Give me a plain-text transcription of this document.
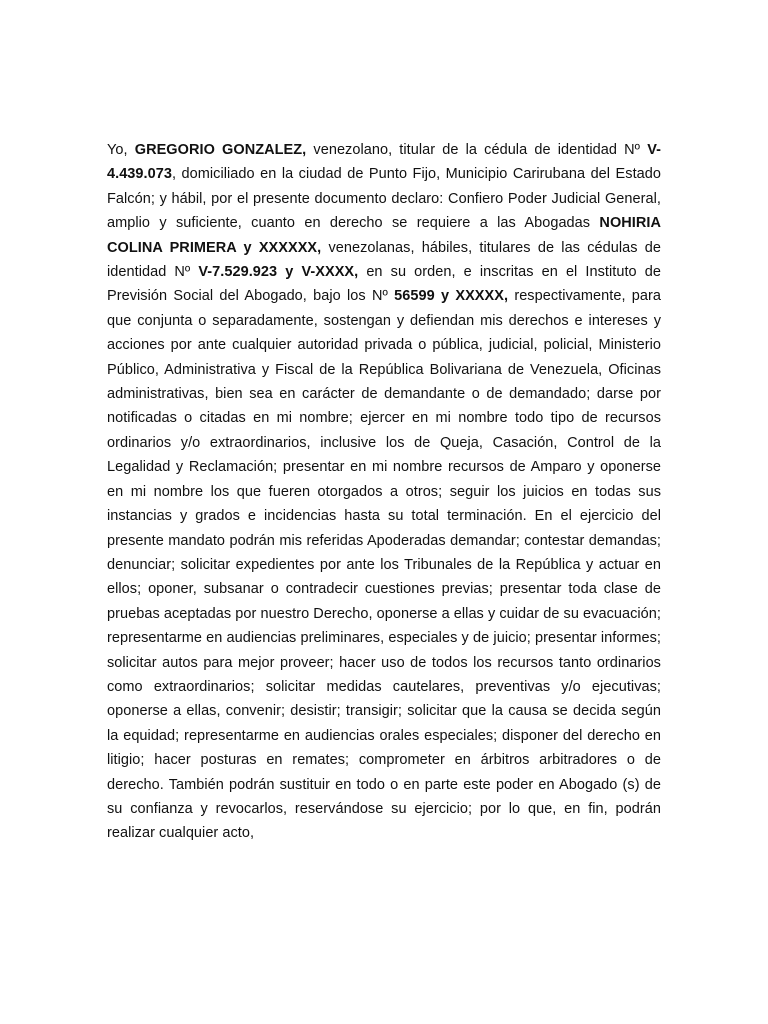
Yo, GREGORIO GONZALEZ, venezolano, titular de la cédula de identidad Nº V-4.439.073, domiciliado en la ciudad de Punto Fijo, Municipio Carirubana del Estado Falcón; y hábil, por el presente documento declaro: Confiero Poder Judicial General, amplio y suficiente, cuanto en derecho se requiere a las Abogadas NOHIRIA COLINA PRIMERA y XXXXXX, venezolanas, hábiles, titulares de las cédulas de identidad Nº V-7.529.923 y V-XXXX, en su orden, e inscritas en el Instituto de Previsión Social del Abogado, bajo los Nº 56599 y XXXXX, respectivamente, para que conjunta o separadamente, sostengan y defiendan mis derechos e intereses y acciones por ante cualquier autoridad privada o pública, judicial, policial, Ministerio Público, Administrativa y Fiscal de la República Bolivariana de Venezuela, Oficinas administrativas, bien sea en carácter de demandante o de demandado; darse por notificadas o citadas en mi nombre; ejercer en mi nombre todo tipo de recursos ordinarios y/o extraordinarios, inclusive los de Queja, Casación, Control de la Legalidad y Reclamación; presentar en mi nombre recursos de Amparo y oponerse en mi nombre los que fueren otorgados a otros; seguir los juicios en todas sus instancias y grados e incidencias hasta su total terminación. En el ejercicio del presente mandato podrán mis referidas Apoderadas demandar; contestar demandas; denunciar; solicitar expedientes por ante los Tribunales de la República y actuar en ellos; oponer, subsanar o contradecir cuestiones previas; presentar toda clase de pruebas aceptadas por nuestro Derecho, oponerse a ellas y cuidar de su evacuación; representarme en audiencias preliminares, especiales y de juicio; presentar informes; solicitar autos para mejor proveer; hacer uso de todos los recursos tanto ordinarios como extraordinarios; solicitar medidas cautelares, preventivas y/o ejecutivas; oponerse a ellas, convenir; desistir; transigir; solicitar que la causa se decida según la equidad; representarme en audiencias orales especiales; disponer del derecho en litigio; hacer posturas en remates; comprometer en árbitros arbitradores o de derecho. También podrán sustituir en todo o en parte este poder en Abogado (s) de su confianza y revocarlos, reservándose su ejercicio; por lo que, en fin, podrán realizar cualquier acto,
